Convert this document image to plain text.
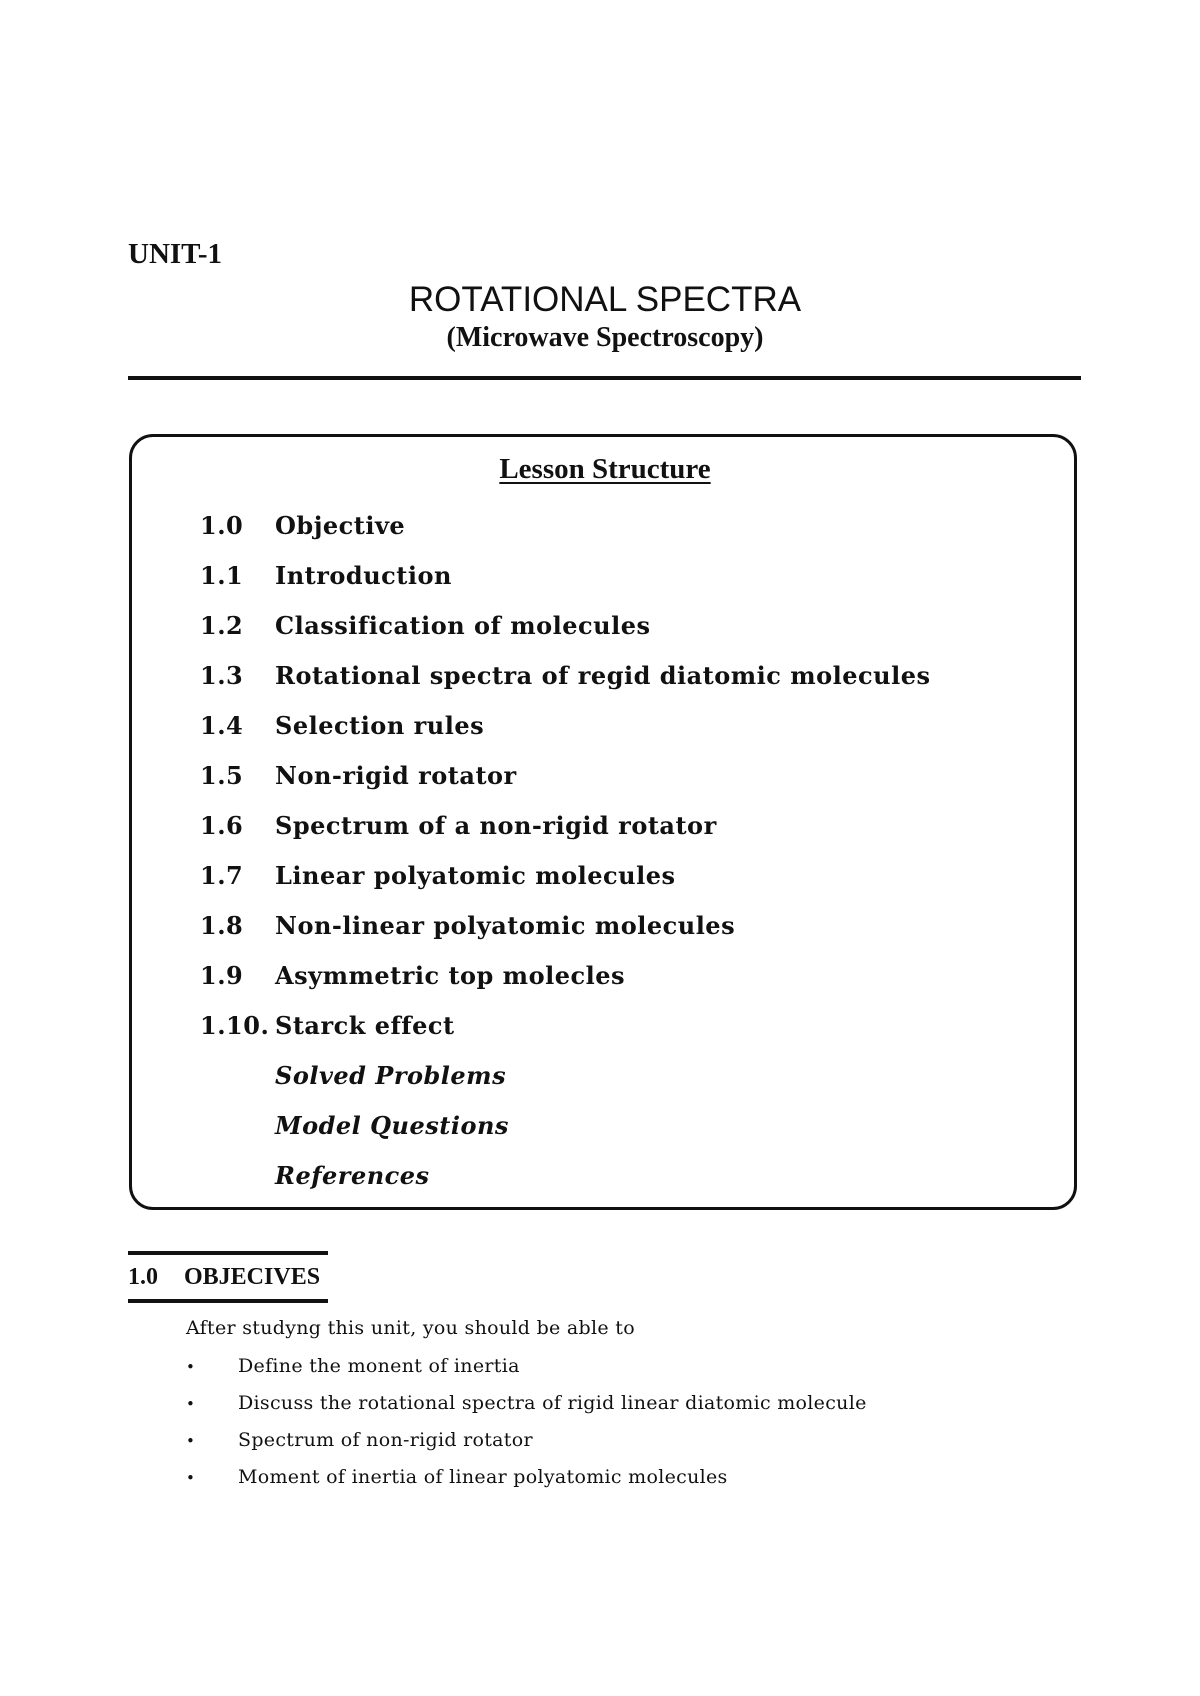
UNIT-1
ROTATIONAL SPECTRA
(Microwave Spectroscopy)
Lesson Structure
1.0 Objective
1.1 Introduction
1.2 Classification of molecules
1.3 Rotational spectra of regid diatomic molecules
1.4 Selection rules
1.5 Non-rigid rotator
1.6 Spectrum of a non-rigid rotator
1.7 Linear polyatomic molecules
1.8 Non-linear polyatomic molecules
1.9 Asymmetric top molecles
1.10. Starck effect
Solved Problems
Model Questions
References
1.0 OBJECIVES
After studyng this unit, you should be able to
• Define the monent of inertia
• Discuss the rotational spectra of rigid linear diatomic molecule
• Spectrum of non-rigid rotator
• Moment of inertia of linear polyatomic molecules
